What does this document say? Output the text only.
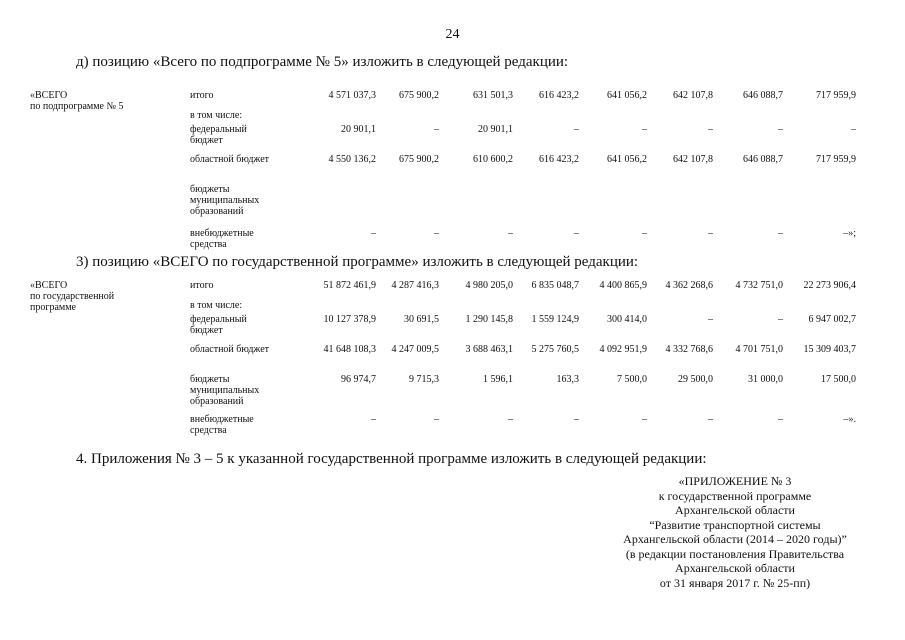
24
д) позицию «Всего по подпрограмме № 5» изложить в следующей редакции:
«ВСЕГО
по подпрограмме № 5	итого	4 571 037,3	675 900,2	631 501,3	616 423,2	641 056,2	642 107,8	646 088,7	717 959,9
	в том числе:								
	федеральный бюджет	20 901,1	–	20 901,1	–	–	–	–	–
	областной бюджет	4 550 136,2	675 900,2	610 600,2	616 423,2	641 056,2	642 107,8	646 088,7	717 959,9
	бюджеты муниципальных образований								
	внебюджетные средства	–	–	–	–	–	–	–	–»;
3) позицию «ВСЕГО по государственной программе» изложить в следующей редакции:
«ВСЕГО
по государственной
программе	итого	51 872 461,9	4 287 416,3	4 980 205,0	6 835 048,7	4 400 865,9	4 362 268,6	4 732 751,0	22 273 906,4
	в том числе:								
	федеральный бюджет	10 127 378,9	30 691,5	1 290 145,8	1 559 124,9	300 414,0	–	–	6 947 002,7
	областной бюджет	41 648 108,3	4 247 009,5	3 688 463,1	5 275 760,5	4 092 951,9	4 332 768,6	4 701 751,0	15 309 403,7
	бюджеты муниципальных образований	96 974,7	9 715,3	1 596,1	163,3	7 500,0	29 500,0	31 000,0	17 500,0
	внебюджетные средства	–	–	–	–	–	–	–	–».
4. Приложения № 3 – 5 к указанной государственной программе изложить в следующей редакции:
«ПРИЛОЖЕНИЕ № 3
к государственной программе
Архангельской области
“Развитие транспортной системы
Архангельской области (2014 – 2020 годы)”
(в редакции постановления Правительства
Архангельской области
от 31 января 2017 г. № 25-пп)
